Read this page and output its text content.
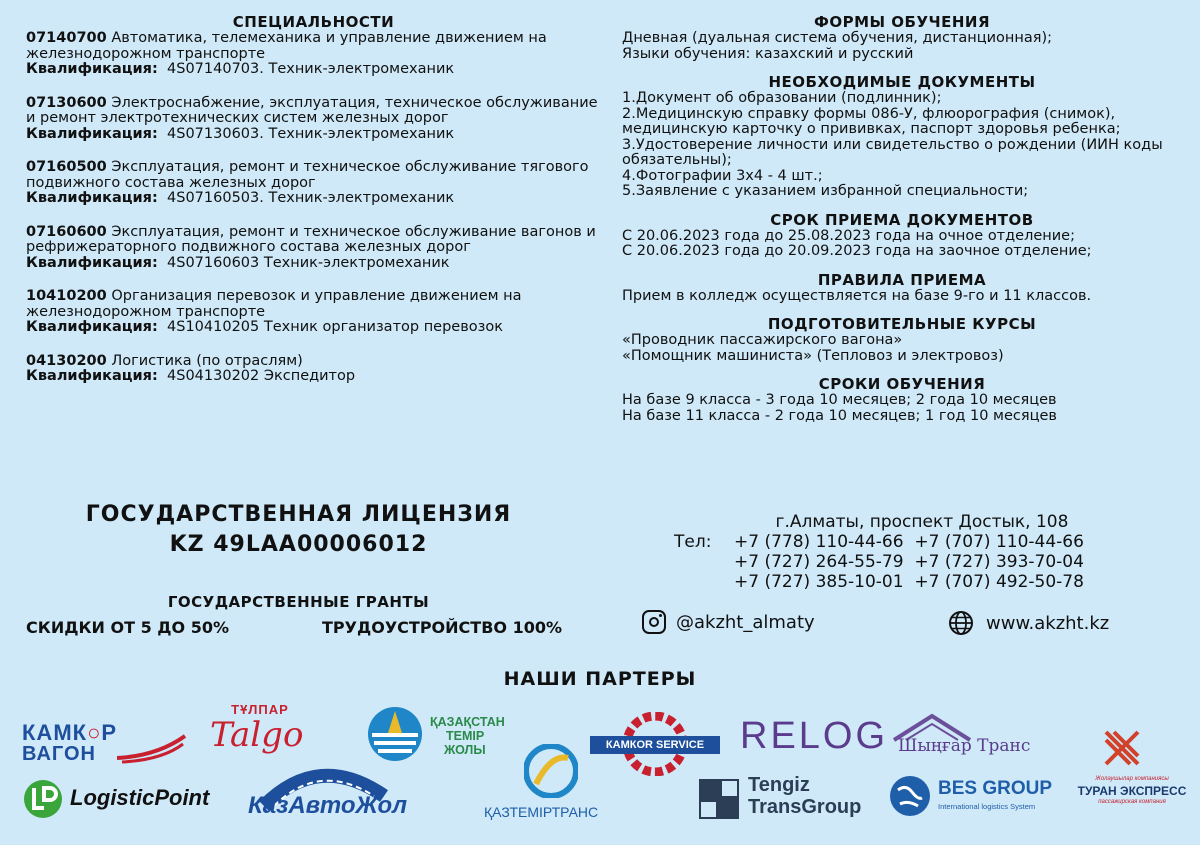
СПЕЦИАЛЬНОСТИ
07140700 Автоматика, телемеханика и управление движением на железнодорожном транспорте
Квалификация: 4S07140703. Техник-электромеханик
07130600 Электроснабжение, эксплуатация, техническое обслуживание и ремонт электротехнических систем железных дорог
Квалификация: 4S07130603. Техник-электромеханик
07160500 Эксплуатация, ремонт и техническое обслуживание тягового подвижного состава железных дорог
Квалификация: 4S07160503. Техник-электромеханик
07160600 Эксплуатация, ремонт и техническое обслуживание вагонов и рефрижераторного подвижного состава железных дорог
Квалификация: 4S07160603 Техник-электромеханик
10410200 Организация перевозок и управление движением на железнодорожном транспорте
Квалификация: 4S10410205 Техник организатор перевозок
04130200 Логистика (по отраслям)
Квалификация: 4S04130202 Экспедитор
ГОСУДАРСТВЕННАЯ ЛИЦЕНЗИЯ
KZ 49LAA00006012
ГОСУДАРСТВЕННЫЕ ГРАНТЫ
СКИДКИ ОТ 5 ДО 50%	ТРУДОУСТРОЙСТВО 100%
ФОРМЫ ОБУЧЕНИЯ
Дневная (дуальная система обучения, дистанционная);
Языки обучения: казахский и русский
НЕОБХОДИМЫЕ ДОКУМЕНТЫ
1.Документ об образовании (подлинник);
2.Медицинскую справку формы 086-У, флюорография (снимок), медицинскую карточку о прививках, паспорт здоровья ребенка;
3.Удостоверение личности или свидетельство о рождении (ИИН коды обязательны);
4.Фотографии 3х4 - 4 шт.;
5.Заявление с указанием избранной специальности;
СРОК ПРИЕМА ДОКУМЕНТОВ
С 20.06.2023 года до 25.08.2023 года на очное отделение;
С 20.06.2023 года до 20.09.2023 года на заочное отделение;
ПРАВИЛА ПРИЕМА
Прием в колледж осуществляется на базе 9-го и 11 классов.
ПОДГОТОВИТЕЛЬНЫЕ КУРСЫ
«Проводник пассажирского вагона»
«Помощник машиниста» (Тепловоз и электровоз)
СРОКИ ОБУЧЕНИЯ
На базе 9 класса - 3 года 10 месяцев; 2 года 10 месяцев
На базе 11 класса - 2 года 10 месяцев; 1 год 10 месяцев
г.Алматы, проспект Достык, 108
Тел:	+7 (778) 110-44-66 +7 (707) 110-44-66
+7 (727) 264-55-79 +7 (727) 393-70-04
+7 (727) 385-10-01 +7 (707) 492-50-78
@akzht_almaty	www.akzht.kz
НАШИ ПАРТЕРЫ
КАМК○Р
ВАГОН
ТҰЛПАР
Talgo	ҚАЗАҚСТАН
ТЕМІР
ЖОЛЫ	КАМКОR SERVICE RELOG Шыңғар Транс
Жолаушылар компаниясы
ТУРАН ЭКСПРЕСС
пассажирская компания
LogisticPoint КазАвтоЖол	ҚАЗТЕМІРТРАНС
Tengiz
TransGroup
BES GROUP
International logistics System
